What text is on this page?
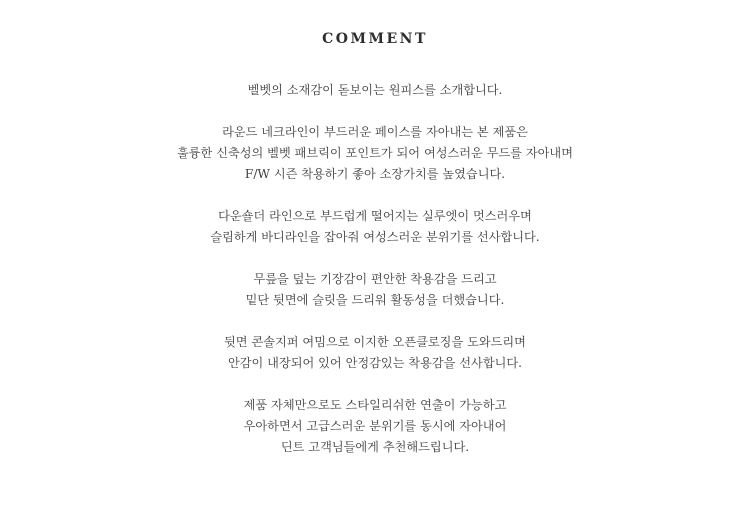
COMMENT
벨벳의 소재감이 돋보이는 원피스를 소개합니다.
라운드 네크라인이 부드러운 페이스를 자아내는 본 제품은
훌륭한 신축성의 벨벳 패브릭이 포인트가 되어 여성스러운 무드를 자아내며
F/W 시즌 착용하기 좋아 소장가치를 높였습니다.
다운숄더 라인으로 부드럽게 떨어지는 실루엣이 멋스러우며
슬림하게 바디라인을 잡아줘 여성스러운 분위기를 선사합니다.
무릎을 덮는 기장감이 편안한 착용감을 드리고
밑단 뒷면에 슬릿을 드리워 활동성을 더했습니다.
뒷면 콘솔지퍼 여밈으로 이지한 오픈클로징을 도와드리며
안감이 내장되어 있어 안정감있는 착용감을 선사합니다.
제품 자체만으로도 스타일리쉬한 연출이 가능하고
우아하면서 고급스러운 분위기를 동시에 자아내어
딘트 고객님들에게 추천해드립니다.
